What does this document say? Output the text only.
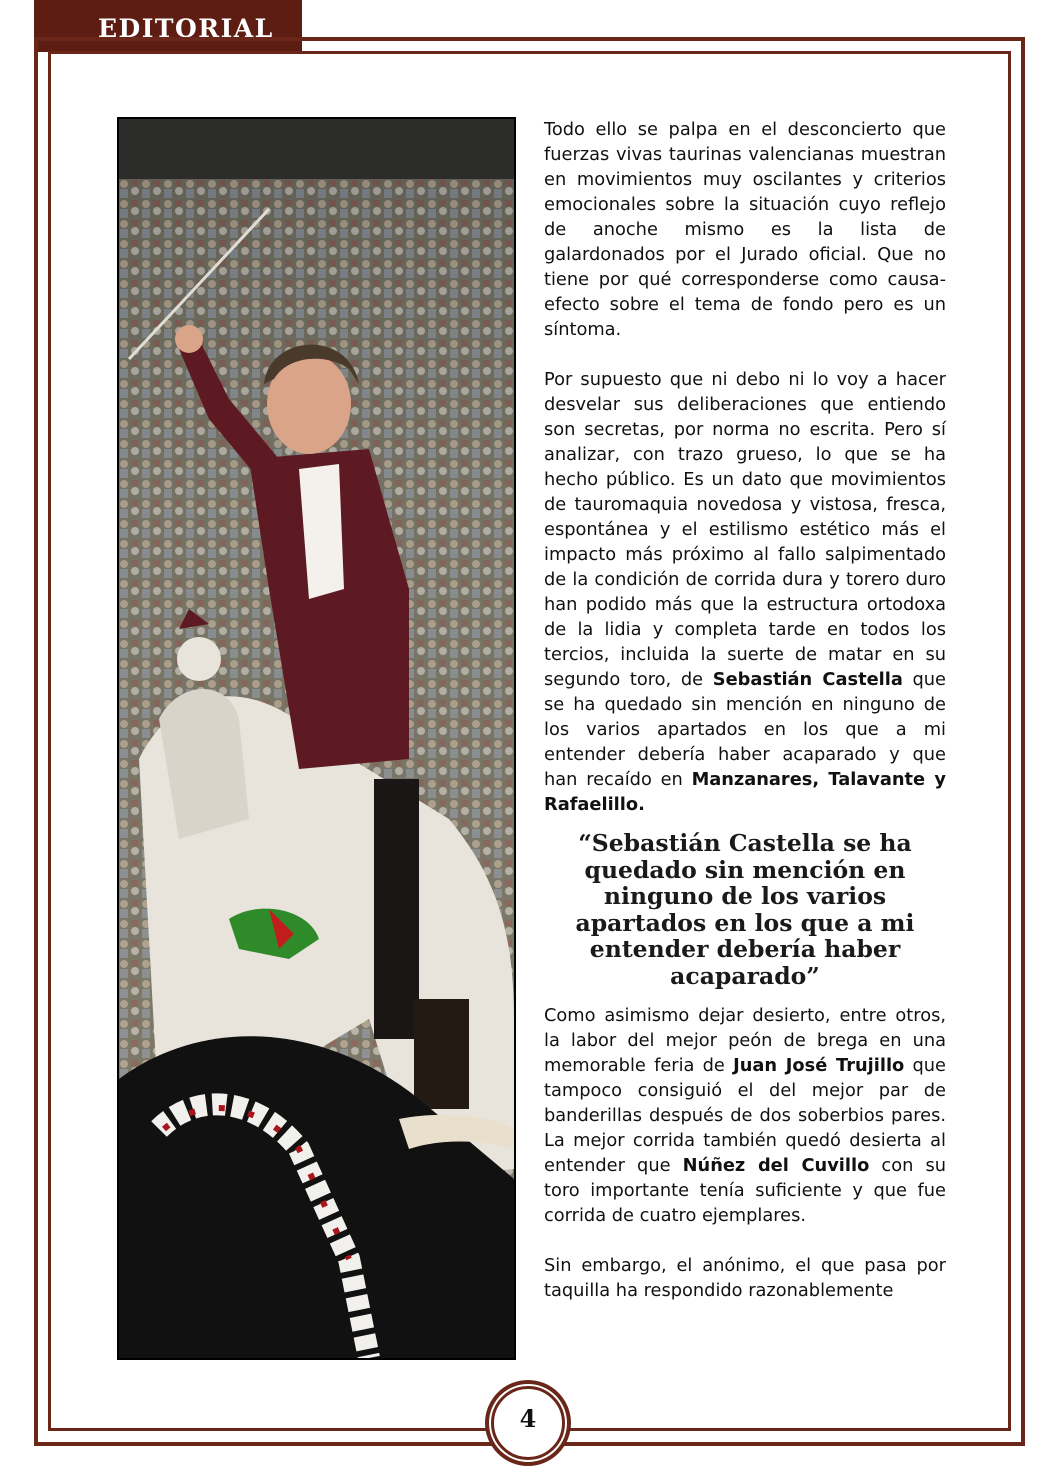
EDITORIAL

Todo ello se palpa en el desconcierto que fuerzas vivas taurinas valencianas muestran en movimientos muy oscilantes y criterios emocionales sobre la situación cuyo reflejo de anoche mismo es la lista de galardonados por el Jurado oficial. Que no tiene por qué corresponderse como causa-efecto sobre el tema de fondo pero es un síntoma.

Por supuesto que ni debo ni lo voy a hacer desvelar sus deliberaciones que entiendo son secretas, por norma no escrita. Pero sí analizar, con trazo grueso, lo que se ha hecho público. Es un dato que movimientos de tauromaquia novedosa y vistosa, fresca, espontánea y el estilismo estético más el impacto más próximo al fallo salpimentado de la condición de corrida dura y torero duro han podido más que la estructura ortodoxa de la lidia y completa tarde en todos los tercios, incluida la suerte de matar en su segundo toro, de Sebastián Castella que se ha quedado sin mención en ninguno de los varios apartados en los que a mi entender debería haber acaparado y que han recaído en Manzanares, Talavante y Rafaelillo.

“Sebastián Castella se ha quedado sin mención en ninguno de los varios apartados en los que a mi entender debería haber acaparado”

Como asimismo dejar desierto, entre otros, la labor del mejor peón de brega en una memorable feria de Juan José Trujillo que tampoco consiguió el del mejor par de banderillas después de dos soberbios pares. La mejor corrida también quedó desierta al entender que Núñez del Cuvillo con su toro importante tenía suficiente y que fue corrida de cuatro ejemplares.

Sin embargo, el anónimo, el que pasa por taquilla ha respondido razonablemente

4
